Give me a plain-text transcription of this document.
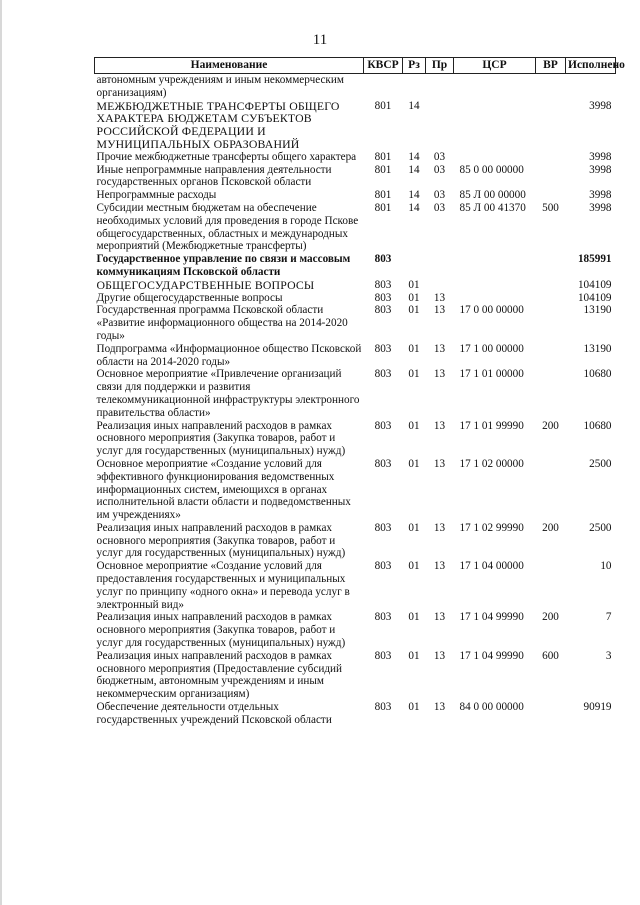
11
Наименование	КВСР	Рз	Пр	ЦСР	ВР	Исполнено
автономным учреждениям и иным некоммерческим организациям)						
МЕЖБЮДЖЕТНЫЕ ТРАНСФЕРТЫ ОБЩЕГО ХАРАКТЕРА БЮДЖЕТАМ СУБЪЕКТОВ РОССИЙСКОЙ ФЕДЕРАЦИИ И МУНИЦИПАЛЬНЫХ ОБРАЗОВАНИЙ	801	14				3998
Прочие межбюджетные трансферты общего характера	801	14	03			3998
Иные непрограммные направления деятельности государственных органов Псковской области	801	14	03	85 0 00 00000		3998
Непрограммные расходы	801	14	03	85 Л 00 00000		3998
Субсидии местным бюджетам на обеспечение необходимых условий для проведения в городе Пскове общегосударственных, областных и международных мероприятий (Межбюджетные трансферты)	801	14	03	85 Л 00 41370	500	3998
Государственное управление по связи и массовым коммуникациям Псковской области	803					185991
ОБЩЕГОСУДАРСТВЕННЫЕ ВОПРОСЫ	803	01				104109
Другие общегосударственные вопросы	803	01	13			104109
Государственная программа Псковской области «Развитие информационного общества на 2014-2020 годы»	803	01	13	17 0 00 00000		13190
Подпрограмма «Информационное общество Псковской области на 2014-2020 годы»	803	01	13	17 1 00 00000		13190
Основное мероприятие «Привлечение организаций связи для поддержки и развития телекоммуникационной инфраструктуры электронного правительства области»	803	01	13	17 1 01 00000		10680
Реализация иных направлений расходов в рамках основного мероприятия (Закупка товаров, работ и услуг для государственных (муниципальных) нужд)	803	01	13	17 1 01 99990	200	10680
Основное мероприятие «Создание условий для эффективного функционирования ведомственных информационных систем, имеющихся в органах исполнительной власти области и подведомственных им учреждениях»	803	01	13	17 1 02 00000		2500
Реализация иных направлений расходов в рамках основного мероприятия (Закупка товаров, работ и услуг для государственных (муниципальных) нужд)	803	01	13	17 1 02 99990	200	2500
Основное мероприятие «Создание условий для предоставления государственных и муниципальных услуг по принципу «одного окна» и перевода услуг в электронный вид»	803	01	13	17 1 04 00000		10
Реализация иных направлений расходов в рамках основного мероприятия (Закупка товаров, работ и услуг для государственных (муниципальных) нужд)	803	01	13	17 1 04 99990	200	7
Реализация иных направлений расходов в рамках основного мероприятия (Предоставление субсидий бюджетным, автономным учреждениям и иным некоммерческим организациям)	803	01	13	17 1 04 99990	600	3
Обеспечение деятельности отдельных государственных учреждений Псковской области	803	01	13	84 0 00 00000		90919
